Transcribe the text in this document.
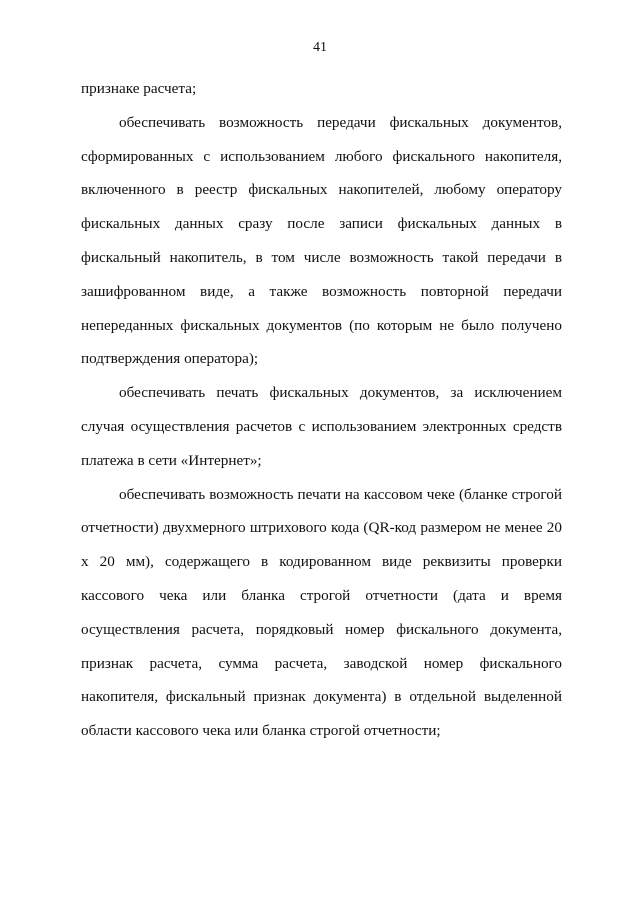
41

признаке расчета;

обеспечивать возможность передачи фискальных документов, сформированных с использованием любого фискального накопителя, включенного в реестр фискальных накопителей, любому оператору фискальных данных сразу после записи фискальных данных в фискальный накопитель, в том числе возможность такой передачи в зашифрованном виде, а также возможность повторной передачи непереданных фискальных документов (по которым не было получено подтверждения оператора);

обеспечивать печать фискальных документов, за исключением случая осуществления расчетов с использованием электронных средств платежа в сети «Интернет»;

обеспечивать возможность печати на кассовом чеке (бланке строгой отчетности) двухмерного штрихового кода (QR-код размером не менее 20 х 20 мм), содержащего в кодированном виде реквизиты проверки кассового чека или бланка строгой отчетности (дата и время осуществления расчета, порядковый номер фискального документа, признак расчета, сумма расчета, заводской номер фискального накопителя, фискальный признак документа) в отдельной выделенной области кассового чека или бланка строгой отчетности;
